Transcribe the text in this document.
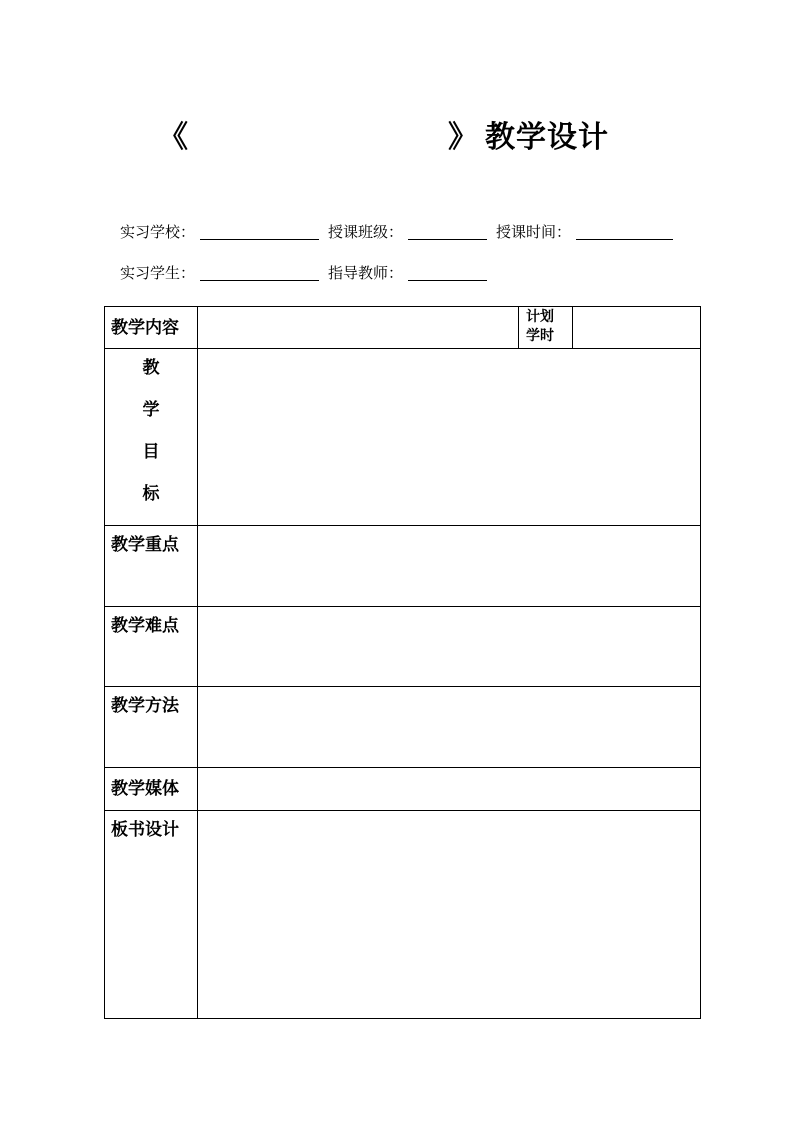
《	》 教学设计
实习学校：	授课班级：	授课时间：
实习学生：	指导教师：
教学内容		计划
学时	

教
学
目
标			

教学重点			
教学难点			
教学方法			
教学媒体			
板书设计			
